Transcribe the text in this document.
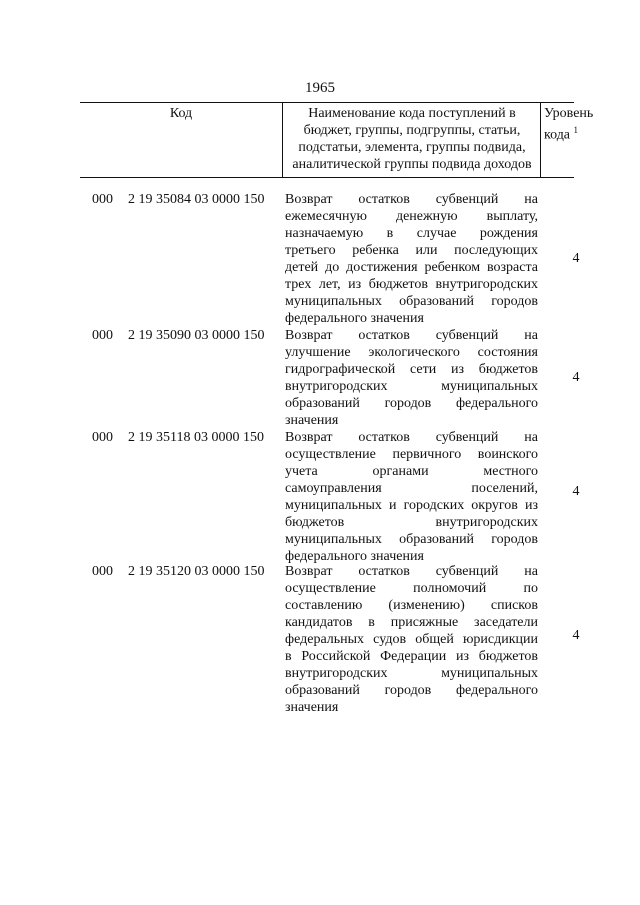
1965
Код	Наименование кода поступлений в
бюджет, группы, подгруппы, статьи,
подстатьи, элемента, группы подвида,
аналитической группы подвида доходов
Уровень
кода $^1$
000 2 19 35084 03 0000 150 Возврат остатков субвенций на
ежемесячную денежную выплату,
назначаемую в случае рождения
третьего ребенка или последующих
детей до достижения ребенком возраста
трех лет, из бюджетов внутригородских
муниципальных образований городов
федерального значения
4
000 2 19 35090 03 0000 150 Возврат остатков субвенций на
улучшение экологического состояния
гидрографической сети из бюджетов
внутригородских муниципальных
образований городов федерального
значения
4
000 2 19 35118 03 0000 150 Возврат остатков субвенций на
осуществление первичного воинского
учета органами местного
самоуправления поселений,
муниципальных и городских округов из
бюджетов внутригородских
муниципальных образований городов
федерального значения
4
000 2 19 35120 03 0000 150 Возврат остатков субвенций на
осуществление полномочий по
составлению (изменению) списков
кандидатов в присяжные заседатели
федеральных судов общей юрисдикции
в Российской Федерации из бюджетов
внутригородских муниципальных
образований городов федерального
значения
4
